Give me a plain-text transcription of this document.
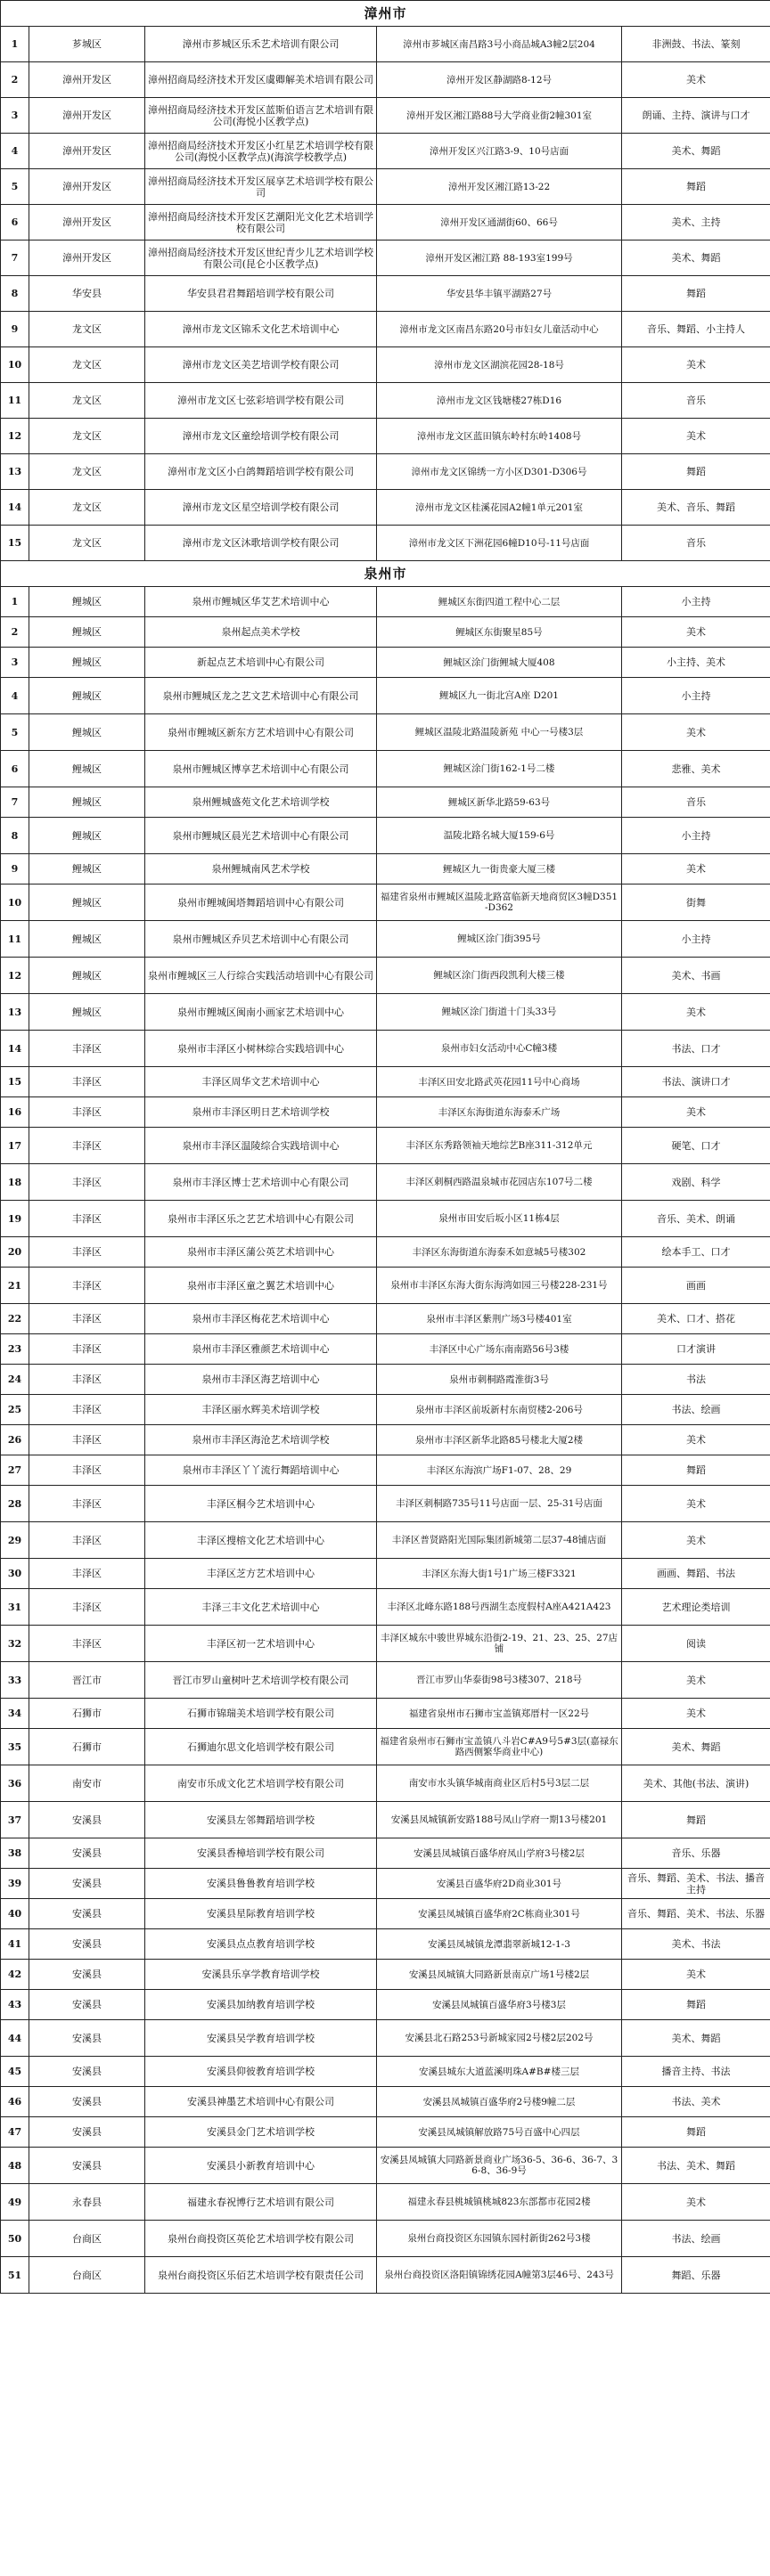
漳州市				
1	芗城区	漳州市芗城区乐禾艺术培训有限公司	漳州市芗城区南昌路3号小商品城A3幢2层204	非洲鼓、书法、篆刻
2	漳州开发区	漳州招商局经济技术开发区虞卿解美术培训有限公司	漳州开发区静湖路8-12号	美术
3	漳州开发区	漳州招商局经济技术开发区蓝斯伯语言艺术培训有限公司(海悦小区教学点)	漳州开发区湘江路88号大学商业街2幢301室	朗诵、主持、演讲与口才
4	漳州开发区	漳州招商局经济技术开发区小红星艺术培训学校有限公司(海悦小区教学点)(海滨学校教学点)	漳州开发区兴江路3-9、10号店面	美术、舞蹈
5	漳州开发区	漳州招商局经济技术开发区展享艺术培训学校有限公司	漳州开发区湘江路13-22	舞蹈
6	漳州开发区	漳州招商局经济技术开发区艺潮阳光文化艺术培训学校有限公司	漳州开发区通湖街60、66号	美术、主持
7	漳州开发区	漳州招商局经济技术开发区世纪青少儿艺术培训学校有限公司(昆仑小区教学点)	漳州开发区湘江路 88-193室199号	美术、舞蹈
8	华安县	华安县君君舞蹈培训学校有限公司	华安县华丰镇平湖路27号	舞蹈
9	龙文区	漳州市龙文区锦禾文化艺术培训中心	漳州市龙文区南昌东路20号市妇女儿童活动中心	音乐、舞蹈、小主持人
10	龙文区	漳州市龙文区美艺培训学校有限公司	漳州市龙文区湖滨花园28-18号	美术
11	龙文区	漳州市龙文区七弦彩培训学校有限公司	漳州市龙文区钱塘楼27栋D16	音乐
12	龙文区	漳州市龙文区童绘培训学校有限公司	漳州市龙文区蓝田镇东岭村东岭1408号	美术
13	龙文区	漳州市龙文区小白鸽舞蹈培训学校有限公司	漳州市龙文区锦绣一方小区D301-D306号	舞蹈
14	龙文区	漳州市龙文区星空培训学校有限公司	漳州市龙文区桂溪花园A2幢1单元201室	美术、音乐、舞蹈
15	龙文区	漳州市龙文区沐歌培训学校有限公司	漳州市龙文区下洲花园6幢D10号-11号店面	音乐
泉州市				
1	鲤城区	泉州市鲤城区华艾艺术培训中心	鲤城区东街四道工程中心二层	小主持
2	鲤城区	泉州起点美术学校	鲤城区东街聚星85号	美术
3	鲤城区	新起点艺术培训中心有限公司	鲤城区涂门街鲤城大厦408	小主持、美术
4	鲤城区	泉州市鲤城区龙之艺文艺术培训中心有限公司	鲤城区九一街北宫A座 D201	小主持
5	鲤城区	泉州市鲤城区新东方艺术培训中心有限公司	鲤城区温陵北路温陵新苑 中心一号楼3层	美术
6	鲤城区	泉州市鲤城区博享艺术培训中心有限公司	鲤城区涂门街162-1号二楼	悲雅、美术
7	鲤城区	泉州鲤城盛苑文化艺术培训学校	鲤城区新华北路59-63号	音乐
8	鲤城区	泉州市鲤城区晨光艺术培训中心有限公司	温陵北路名城大厦159-6号	小主持
9	鲤城区	泉州鲤城南风艺术学校	鲤城区九一街贵豪大厦三楼	美术
10	鲤城区	泉州市鲤城闽塔舞蹈培训中心有限公司	福建省泉州市鲤城区温陵北路富临新天地商贸区3幢D351-D362	街舞
11	鲤城区	泉州市鲤城区乔贝艺术培训中心有限公司	鲤城区涂门街395号	小主持
12	鲤城区	泉州市鲤城区三人行综合实践活动培训中心有限公司	鲤城区涂门街西段凯利大楼三楼	美术、书画
13	鲤城区	泉州市鲤城区闽南小画家艺术培训中心	鲤城区涂门街道十门头33号	美术
14	丰泽区	泉州市丰泽区小树林综合实践培训中心	泉州市妇女活动中心C幢3楼	书法、口才
15	丰泽区	丰泽区周华文艺术培训中心	丰泽区田安北路武英花园11号中心商场	书法、演讲口才
16	丰泽区	泉州市丰泽区明日艺术培训学校	丰泽区东海街道东海泰禾广场	美术
17	丰泽区	泉州市丰泽区温陵综合实践培训中心	丰泽区东秀路领袖天地综艺B座311-312单元	硬笔、口才
18	丰泽区	泉州市丰泽区博士艺术培训中心有限公司	丰泽区刺桐西路温泉城市花园店东107号二楼	戏剧、科学
19	丰泽区	泉州市丰泽区乐之艺艺术培训中心有限公司	泉州市田安后坂小区11栋4层	音乐、美术、朗诵
20	丰泽区	泉州市丰泽区蒲公英艺术培训中心	丰泽区东海街道东海泰禾如意城5号楼302	绘本手工、口才
21	丰泽区	泉州市丰泽区童之翼艺术培训中心	泉州市丰泽区东海大街东海湾如园三号楼228-231号	画画
22	丰泽区	泉州市丰泽区梅花艺术培训中心	泉州市丰泽区紫荆广场3号楼401室	美术、口才、搭花
23	丰泽区	泉州市丰泽区雅颜艺术培训中心	丰泽区中心广场东南南路56号3楼	口才演讲
24	丰泽区	泉州市丰泽区海艺培训中心	泉州市刺桐路霞淮街3号	书法
25	丰泽区	丰泽区丽水辉美术培训学校	泉州市丰泽区前坂新村东南贸楼2-206号	书法、绘画
26	丰泽区	泉州市丰泽区海沧艺术培训学校	泉州市丰泽区新华北路85号楼北大厦2楼	美术
27	丰泽区	泉州市丰泽区丫丫流行舞蹈培训中心	丰泽区东海滨广场F1-07、28、29	舞蹈
28	丰泽区	丰泽区桐今艺术培训中心	丰泽区刺桐路735号11号店面一层、25-31号店面	美术
29	丰泽区	丰泽区搜榕文化艺术培训中心	丰泽区普贤路阳光国际集团新城第二层37-48铺店面	美术
30	丰泽区	丰泽区芝方艺术培训中心	丰泽区东海大街1号1广场三楼F3321	画画、舞蹈、书法
31	丰泽区	丰泽三丰文化艺术培训中心	丰泽区北峰东路188号西湖生态度假村A座A421A423	艺术理论类培训
32	丰泽区	丰泽区初一艺术培训中心	丰泽区城东中骏世界城东沿街2-19、21、23、25、27店铺	阅读
33	晋江市	晋江市罗山童树叶艺术培训学校有限公司	晋江市罗山华泰街98号3楼307、218号	美术
34	石狮市	石狮市锦瑞美术培训学校有限公司	福建省泉州市石狮市宝盖镇郑厝村一区22号	美术
35	石狮市	石狮迪尔思文化培训学校有限公司	福建省泉州市石狮市宝盖镇八斗岩C#A9号5#3层(嘉禄东路西侧繁华商业中心)	美术、舞蹈
36	南安市	南安市乐成文化艺术培训学校有限公司	南安市水头镇华城南商业区后村5号3层二层	美术、其他(书法、演讲)
37	安溪县	安溪县左邻舞蹈培训学校	安溪县凤城镇新安路188号凤山学府一期13号楼201	舞蹈
38	安溪县	安溪县香樟培训学校有限公司	安溪县凤城镇百盛华府凤山学府3号楼2层	音乐、乐器
39	安溪县	安溪县鲁鲁教育培训学校	安溪县百盛华府2D商业301号	音乐、舞蹈、美术、书法、播音主持
40	安溪县	安溪县星际教育培训学校	安溪县凤城镇百盛华府2C栋商业301号	音乐、舞蹈、美术、书法、乐器
41	安溪县	安溪县点点教育培训学校	安溪县凤城镇龙潭翡翠新城12-1-3	美术、书法
42	安溪县	安溪县乐享学教育培训学校	安溪县凤城镇大同路新景南京广场1号楼2层	美术
43	安溪县	安溪县加纳教育培训学校	安溪县凤城镇百盛华府3号楼3层	舞蹈
44	安溪县	安溪县吴学教育培训学校	安溪县北石路253号新城家园2号楼2层202号	美术、舞蹈
45	安溪县	安溪县仰彼教育培训学校	安溪县城东大道蓝溪明珠A#B#楼三层	播音主持、书法
46	安溪县	安溪县神墨艺术培训中心有限公司	安溪县凤城镇百盛华府2号楼9幢二层	书法、美术
47	安溪县	安溪县金门艺术培训学校	安溪县凤城镇解放路75号百盛中心四层	舞蹈
48	安溪县	安溪县小新教育培训中心	安溪县凤城镇大同路新景商业广场36-5、36-6、36-7、36-8、36-9号	书法、美术、舞蹈
49	永春县	福建永春祝博行艺术培训有限公司	福建永春县桃城镇桃城823东部都市花园2楼	美术
50	台商区	泉州台商投资区英伦艺术培训学校有限公司	泉州台商投资区东园镇东园村新街262号3楼	书法、绘画
51	台商区	泉州台商投资区乐佰艺术培训学校有限责任公司	泉州台商投资区洛阳镇锦绣花园A幢第3层46号、243号	舞蹈、乐器
